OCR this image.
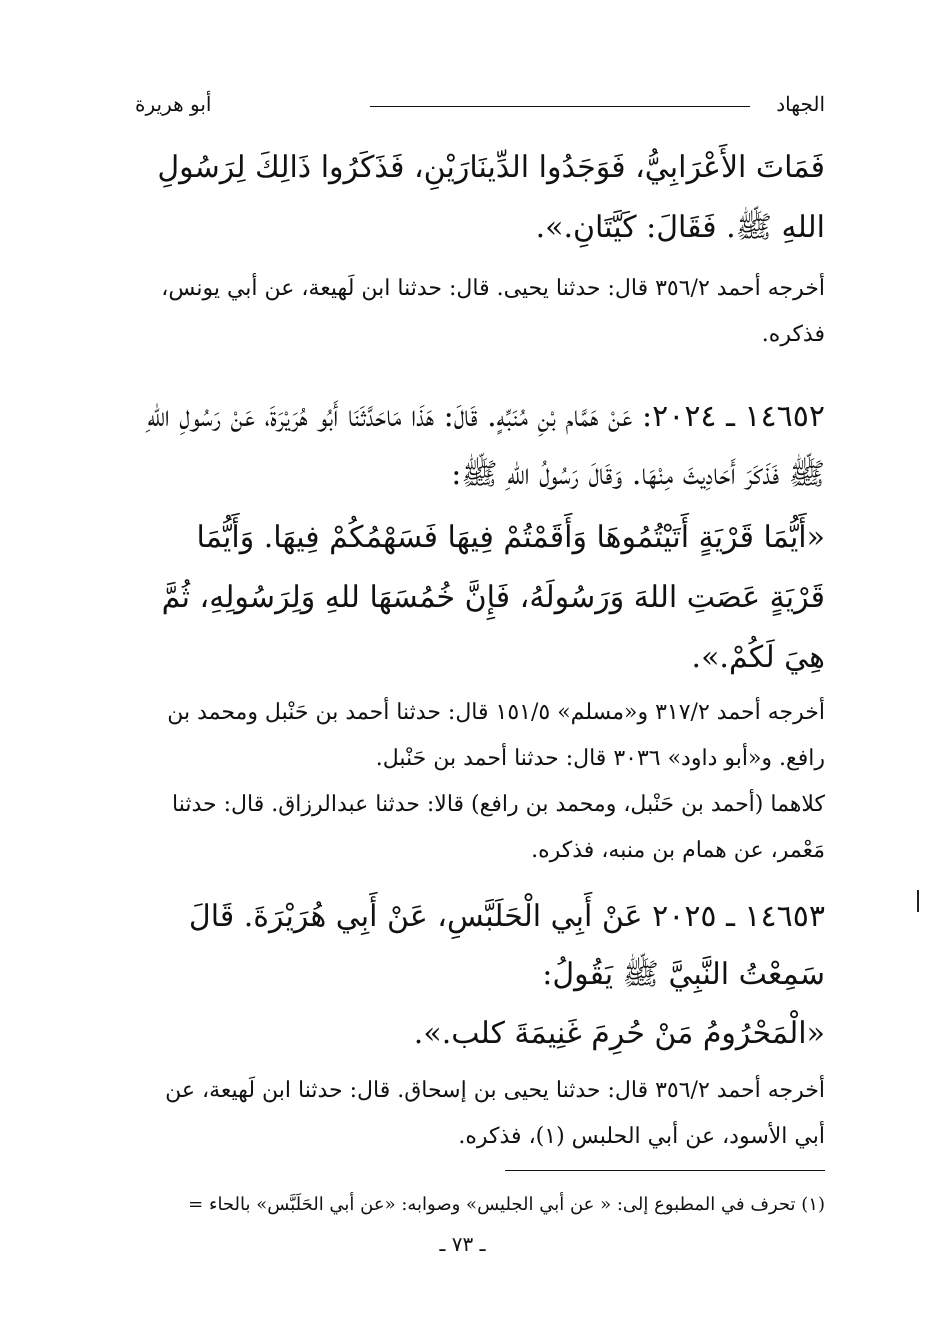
الجهاد
أبو هريرة

فَمَاتَ الأَعْرَابِيُّ، فَوَجَدُوا الدِّينَارَيْنِ، فَذَكَرُوا ذَالِكَ لِرَسُولِ اللهِ ﷺ. فَقَالَ: كَيَّتَانِ.».

أخرجه أحمد ٣٥٦/٢ قال: حدثنا يحيى. قال: حدثنا ابن لَهيعة، عن أبي يونس، فذكره.

١٤٦٥٢ ـ ٢٠٢٤: عَنْ هَمَّام بْنِ مُنَبِّهٍ. قَالَ: هَذَا مَاحَدَّثَنَا أَبُو هُرَيْرَةَ، عَنْ رَسُولِ اللهِ ﷺ فَذَكَرَ أَحَادِيثَ مِنْهَا. وَقَالَ رَسُولُ اللهِ ﷺ:

«أَيُّمَا قَرْيَةٍ أَتَيْتُمُوهَا وَأَقَمْتُمْ فِيهَا فَسَهْمُكُمْ فِيهَا. وَأَيُّمَا قَرْيَةٍ عَصَتِ اللهَ وَرَسُولَهُ، فَإِنَّ خُمُسَهَا للهِ وَلِرَسُولِهِ، ثُمَّ هِيَ لَكُمْ.».

أخرجه أحمد ٣١٧/٢ و«مسلم» ١٥١/٥ قال: حدثنا أحمد بن حَنْبل ومحمد بن رافع. و«أبو داود» ٣٠٣٦ قال: حدثنا أحمد بن حَنْبل.

كلاهما (أحمد بن حَنْبل، ومحمد بن رافع) قالا: حدثنا عبدالرزاق. قال: حدثنا مَعْمر، عن همام بن منبه، فذكره.

١٤٦٥٣ ـ ٢٠٢٥ عَنْ أَبِي الْحَلَبَّسِ، عَنْ أَبِي هُرَيْرَةَ. قَالَ سَمِعْتُ النَّبِيَّ ﷺ يَقُولُ:

«الْمَحْرُومُ مَنْ حُرِمَ غَنِيمَةَ كلب.».

أخرجه أحمد ٣٥٦/٢ قال: حدثنا يحيى بن إسحاق. قال: حدثنا ابن لَهيعة، عن أبي الأسود، عن أبي الحلبس (١)، فذكره.

(١) تحرف في المطبوع إلى: « عن أبي الجليس» وصوابه: «عن أبي الحَلَبَّس» بالحاء =
ـ ٧٣ ـ
